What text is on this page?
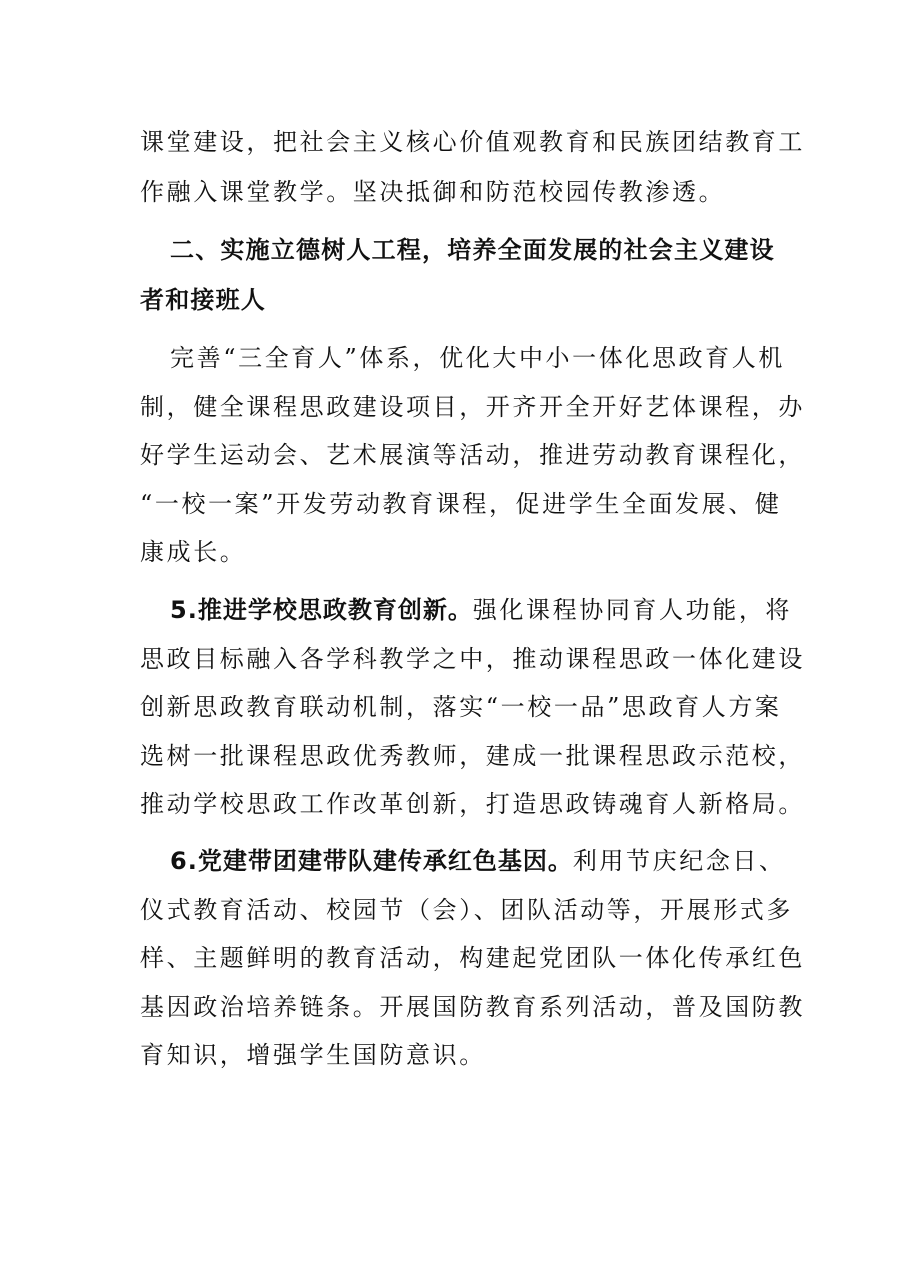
课堂建设，把社会主义核心价值观教育和民族团结教育工
作融入课堂教学。坚决抵御和防范校园传教渗透。
二、实施立德树人工程，培养全面发展的社会主义建设
者和接班人
完善“三全育人”体系，优化大中小一体化思政育人机
制，健全课程思政建设项目，开齐开全开好艺体课程，办
好学生运动会、艺术展演等活动，推进劳动教育课程化，
“一校一案”开发劳动教育课程，促进学生全面发展、健
康成长。
5.推进学校思政教育创新。强化课程协同育人功能，将
思政目标融入各学科教学之中，推动课程思政一体化建设
创新思政教育联动机制，落实“一校一品”思政育人方案
选树一批课程思政优秀教师，建成一批课程思政示范校，
推动学校思政工作改革创新，打造思政铸魂育人新格局。
6.党建带团建带队建传承红色基因。利用节庆纪念日、
仪式教育活动、校园节（会）、团队活动等，开展形式多
样、主题鲜明的教育活动，构建起党团队一体化传承红色
基因政治培养链条。开展国防教育系列活动，普及国防教
育知识，增强学生国防意识。
